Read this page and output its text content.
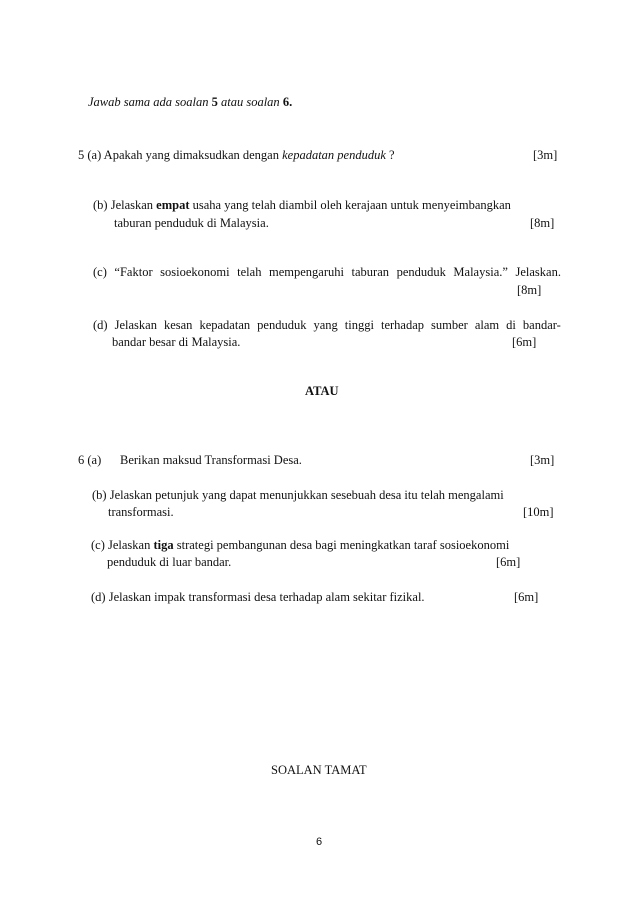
Jawab sama ada soalan 5 atau soalan 6.
5 (a) Apakah yang dimaksudkan dengan kepadatan penduduk ?	[3m]
(b) Jelaskan empat usaha yang telah diambil oleh kerajaan untuk menyeimbangkan
taburan penduduk di Malaysia.	[8m]
(c) “Faktor sosioekonomi telah mempengaruhi taburan penduduk Malaysia.” Jelaskan.
[8m]
(d) Jelaskan kesan kepadatan penduduk yang tinggi terhadap sumber alam di bandar-
bandar besar di Malaysia.	[6m]
ATAU
6 (a) Berikan maksud Transformasi Desa.	[3m]
(b) Jelaskan petunjuk yang dapat menunjukkan sesebuah desa itu telah mengalami
transformasi.	[10m]
(c) Jelaskan tiga strategi pembangunan desa bagi meningkatkan taraf sosioekonomi
penduduk di luar bandar.	[6m]
(d) Jelaskan impak transformasi desa terhadap alam sekitar fizikal.	[6m]
SOALAN TAMAT
6
